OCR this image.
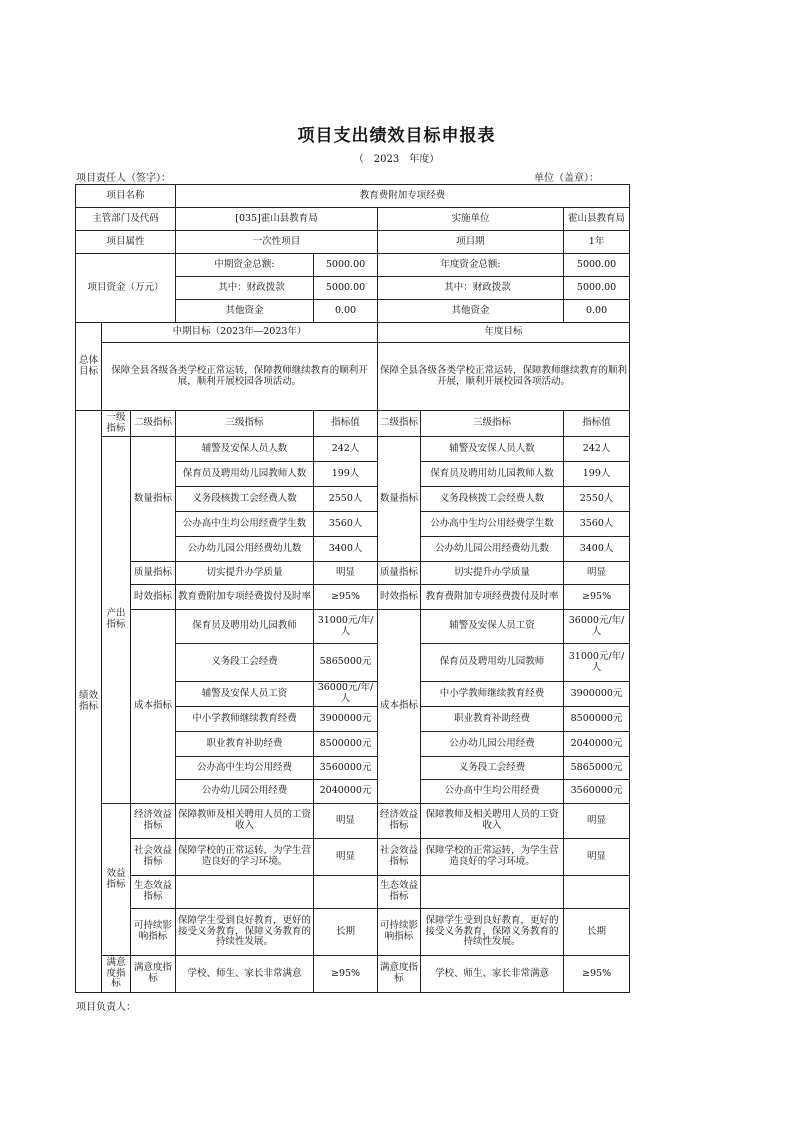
项目支出绩效目标申报表
（　2023　年度）
项目责任人（签字）：	单位（盖章）：
项目名称			教育费附加专项经费				
主管部门及代码			[035]霍山县教育局		实施单位		霍山县教育局
项目属性			一次性项目		项目期		1年
项目资金（万元）			中期资金总额:	5000.00	年度资金总额:		5000.00
			其中：财政拨款	5000.00	其中：财政拨款		5000.00
			其他资金	0.00	其他资金		0.00
总体目标	中期目标（2023年—2023年）				年度目标		
	保障全县各级各类学校正常运转，保障教师继续教育的顺利开展，顺利开展校园各项活动。				保障全县各级各类学校正常运转，保障教师继续教育的顺利开展，顺利开展校园各项活动。		
绩效指标	一级指标	二级指标	三级指标	指标值	二级指标	三级指标	指标值
	产出指标	数量指标	辅警及安保人员人数	242人	数量指标	辅警及安保人员人数	242人
			保育员及聘用幼儿园教师人数	199人		保育员及聘用幼儿园教师人数	199人
			义务段核拨工会经费人数	2550人		义务段核拨工会经费人数	2550人
			公办高中生均公用经费学生数	3560人		公办高中生均公用经费学生数	3560人
			公办幼儿园公用经费幼儿数	3400人		公办幼儿园公用经费幼儿数	3400人
		质量指标	切实提升办学质量	明显	质量指标	切实提升办学质量	明显
		时效指标	教育费附加专项经费拨付及时率	≥95%	时效指标	教育费附加专项经费拨付及时率	≥95%
		成本指标	保育员及聘用幼儿园教师	31000元/年/人	成本指标	辅警及安保人员工资	36000元/年/人
			义务段工会经费	5865000元		保育员及聘用幼儿园教师	31000元/年/人
			辅警及安保人员工资	36000元/年/人		中小学教师继续教育经费	3900000元
			中小学教师继续教育经费	3900000元		职业教育补助经费	8500000元
			职业教育补助经费	8500000元		公办幼儿园公用经费	2040000元
			公办高中生均公用经费	3560000元		义务段工会经费	5865000元
			公办幼儿园公用经费	2040000元		公办高中生均公用经费	3560000元
	效益指标	经济效益指标	保障教师及相关聘用人员的工资收入	明显	经济效益指标	保障教师及相关聘用人员的工资收入	明显
		社会效益指标	保障学校的正常运转，为学生营造良好的学习环境。	明显	社会效益指标	保障学校的正常运转，为学生营造良好的学习环境。	明显
		生态效益指标			生态效益指标		
		可持续影响指标	保障学生受到良好教育，更好的接受义务教育，保障义务教育的持续性发展。	长期	可持续影响指标	保障学生受到良好教育，更好的接受义务教育，保障义务教育的持续性发展。	长期
	满意度指标	满意度指标	学校、师生、家长非常满意	≥95%	满意度指标	学校、师生、家长非常满意	≥95%
项目负责人：
